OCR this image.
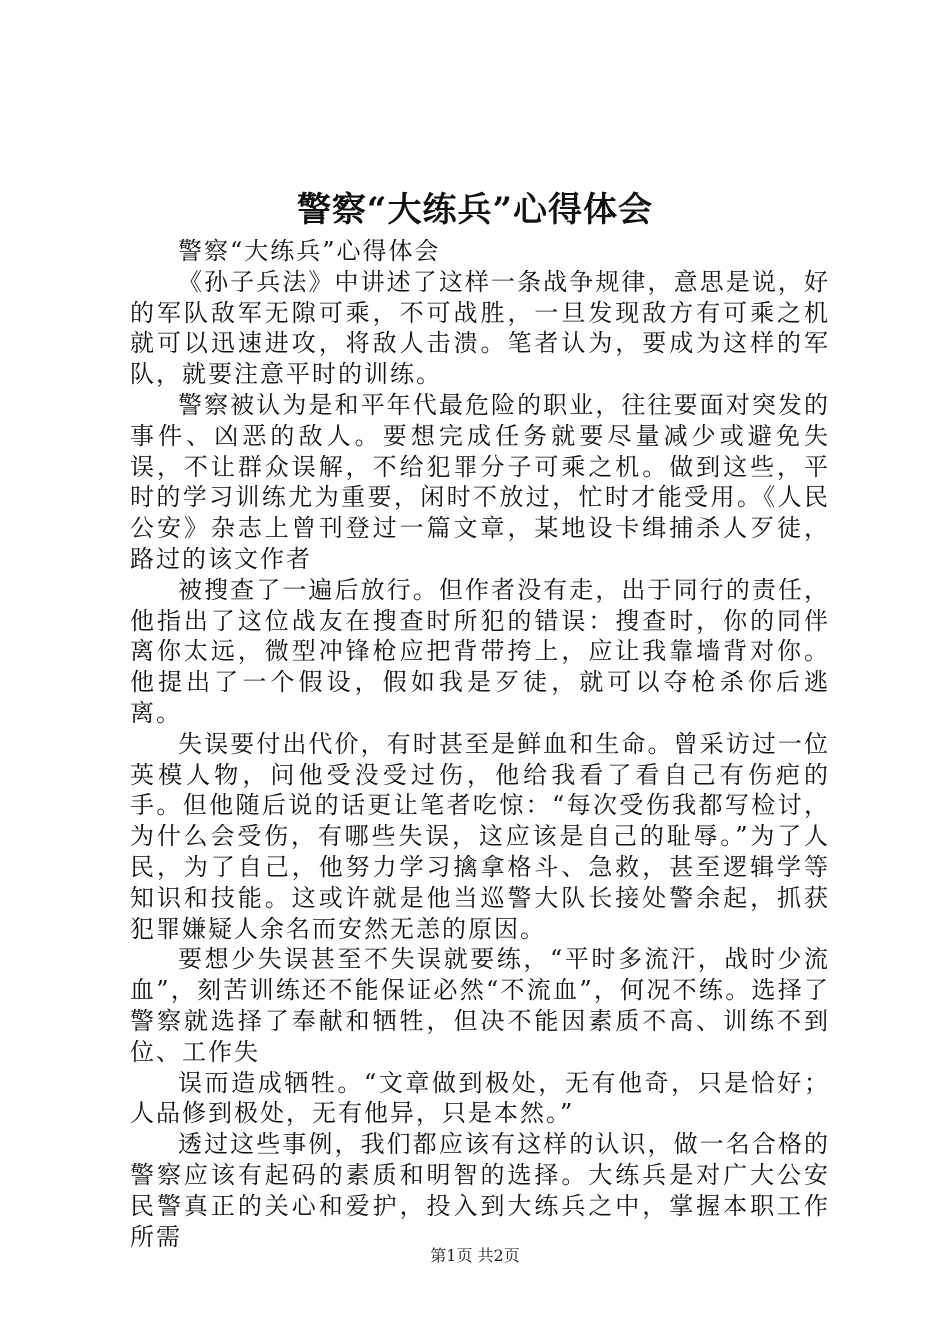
警察“大练兵”心得体会

警察“大练兵”心得体会

《孙子兵法》中讲述了这样一条战争规律，意思是说，好的军队敌军无隙可乘，不可战胜，一旦发现敌方有可乘之机就可以迅速进攻，将敌人击溃。笔者认为，要成为这样的军队，就要注意平时的训练。

警察被认为是和平年代最危险的职业，往往要面对突发的事件、凶恶的敌人。要想完成任务就要尽量减少或避免失误，不让群众误解，不给犯罪分子可乘之机。做到这些，平时的学习训练尤为重要，闲时不放过，忙时才能受用。《人民公安》杂志上曾刊登过一篇文章，某地设卡缉捕杀人歹徒，路过的该文作者

被搜查了一遍后放行。但作者没有走，出于同行的责任，他指出了这位战友在搜查时所犯的错误：搜查时，你的同伴离你太远，微型冲锋枪应把背带挎上，应让我靠墙背对你。他提出了一个假设，假如我是歹徒，就可以夺枪杀你后逃离。

失误要付出代价，有时甚至是鲜血和生命。曾采访过一位英模人物，问他受没受过伤，他给我看了看自己有伤疤的手。但他随后说的话更让笔者吃惊：“每次受伤我都写检讨，为什么会受伤，有哪些失误，这应该是自己的耻辱。”为了人民，为了自己，他努力学习擒拿格斗、急救，甚至逻辑学等知识和技能。这或许就是他当巡警大队长接处警余起，抓获犯罪嫌疑人余名而安然无恙的原因。

要想少失误甚至不失误就要练，“平时多流汗，战时少流血”，刻苦训练还不能保证必然“不流血”，何况不练。选择了警察就选择了奉献和牺牲，但决不能因素质不高、训练不到位、工作失

误而造成牺牲。“文章做到极处，无有他奇，只是恰好；人品修到极处，无有他异，只是本然。”

透过这些事例，我们都应该有这样的认识，做一名合格的警察应该有起码的素质和明智的选择。大练兵是对广大公安民警真正的关心和爱护，投入到大练兵之中，掌握本职工作所需

第1页 共2页
